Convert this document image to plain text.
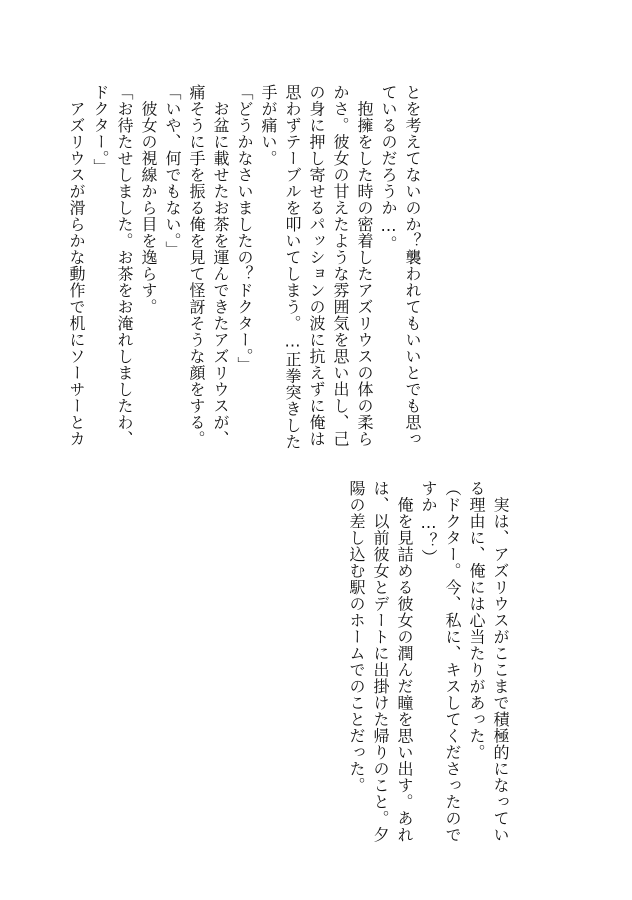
とを考えてないのか？襲われてもいいとでも思っ
ているのだろうか…。
　抱擁をした時の密着したアズリウスの体の柔ら
かさ。彼女の甘えたような雰囲気を思い出し、己
の身に押し寄せるパッションの波に抗えずに俺は
思わずテーブルを叩いてしまう。…正拳突きした
手が痛い。
「どうかなさいましたの？ドクター。」
　お盆に載せたお茶を運んできたアズリウスが、
痛そうに手を振る俺を見て怪訝そうな顔をする。
「いや、何でもない。」
　彼女の視線から目を逸らす。
「お待たせしました。お茶をお淹れしましたわ、
ドクター。」
　アズリウスが滑らかな動作で机にソーサーとカ
　実は、アズリウスがここまで積極的になってい
る理由に、俺には心当たりがあった。
（ドクター。今、私に、キスしてくださったので
すか…？）
　俺を見詰める彼女の潤んだ瞳を思い出す。あれ
は、以前彼女とデートに出掛けた帰りのこと。夕
陽の差し込む駅のホームでのことだった。
